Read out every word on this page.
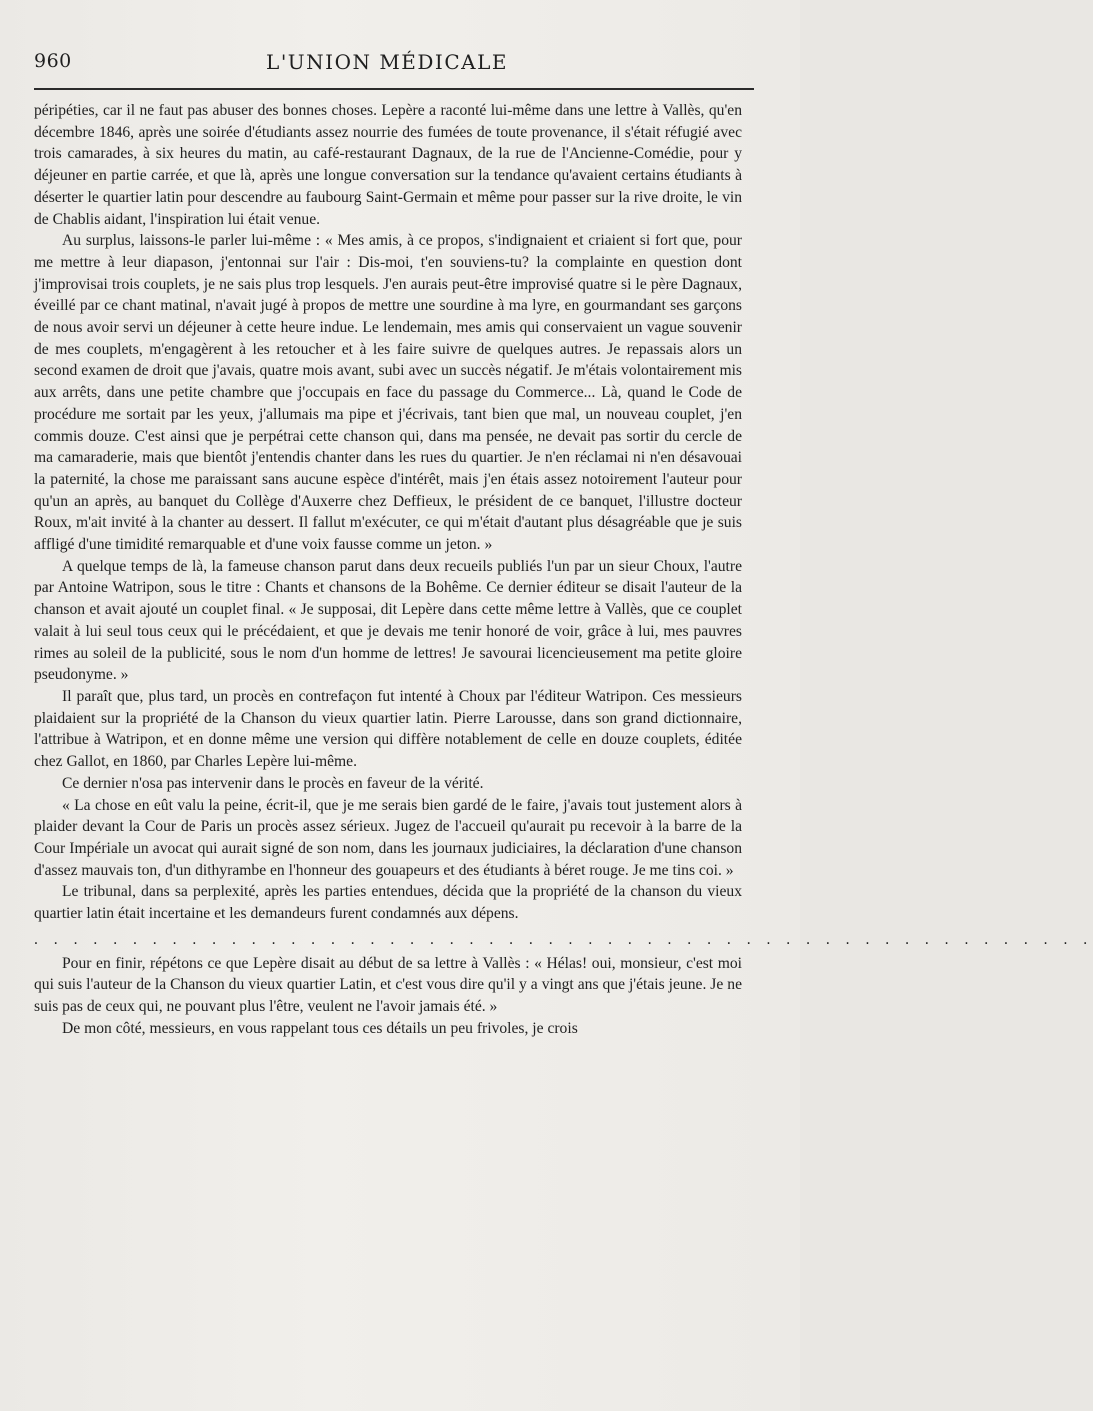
960	L'UNION MÉDICALE

péripéties, car il ne faut pas abuser des bonnes choses. Lepère a raconté lui-même dans une lettre à Vallès, qu'en décembre 1846, après une soirée d'étudiants assez nourrie des fumées de toute provenance, il s'était réfugié avec trois camarades, à six heures du matin, au café-restaurant Dagnaux, de la rue de l'Ancienne-Comédie, pour y déjeuner en partie carrée, et que là, après une longue conversation sur la tendance qu'avaient certains étudiants à déserter le quartier latin pour descendre au faubourg Saint-Germain et même pour passer sur la rive droite, le vin de Chablis aidant, l'inspiration lui était venue.

Au surplus, laissons-le parler lui-même : « Mes amis, à ce propos, s'indignaient et criaient si fort que, pour me mettre à leur diapason, j'entonnai sur l'air : Dis-moi, t'en souviens-tu? la complainte en question dont j'improvisai trois couplets, je ne sais plus trop lesquels. J'en aurais peut-être improvisé quatre si le père Dagnaux, éveillé par ce chant matinal, n'avait jugé à propos de mettre une sourdine à ma lyre, en gourmandant ses garçons de nous avoir servi un déjeuner à cette heure indue. Le lendemain, mes amis qui conservaient un vague souvenir de mes couplets, m'engagèrent à les retoucher et à les faire suivre de quelques autres. Je repassais alors un second examen de droit que j'avais, quatre mois avant, subi avec un succès négatif. Je m'étais volontairement mis aux arrêts, dans une petite chambre que j'occupais en face du passage du Commerce... Là, quand le Code de procédure me sortait par les yeux, j'allumais ma pipe et j'écrivais, tant bien que mal, un nouveau couplet, j'en commis douze. C'est ainsi que je perpétrai cette chanson qui, dans ma pensée, ne devait pas sortir du cercle de ma camaraderie, mais que bientôt j'entendis chanter dans les rues du quartier. Je n'en réclamai ni n'en désavouai la paternité, la chose me paraissant sans aucune espèce d'intérêt, mais j'en étais assez notoirement l'auteur pour qu'un an après, au banquet du Collège d'Auxerre chez Deffieux, le président de ce banquet, l'illustre docteur Roux, m'ait invité à la chanter au dessert. Il fallut m'exécuter, ce qui m'était d'autant plus désagréable que je suis affligé d'une timidité remarquable et d'une voix fausse comme un jeton. »

A quelque temps de là, la fameuse chanson parut dans deux recueils publiés l'un par un sieur Choux, l'autre par Antoine Watripon, sous le titre : Chants et chansons de la Bohême. Ce dernier éditeur se disait l'auteur de la chanson et avait ajouté un couplet final. « Je supposai, dit Lepère dans cette même lettre à Vallès, que ce couplet valait à lui seul tous ceux qui le précédaient, et que je devais me tenir honoré de voir, grâce à lui, mes pauvres rimes au soleil de la publicité, sous le nom d'un homme de lettres! Je savourai licencieusement ma petite gloire pseudonyme. »

Il paraît que, plus tard, un procès en contrefaçon fut intenté à Choux par l'éditeur Watripon. Ces messieurs plaidaient sur la propriété de la Chanson du vieux quartier latin. Pierre Larousse, dans son grand dictionnaire, l'attribue à Watripon, et en donne même une version qui diffère notablement de celle en douze couplets, éditée chez Gallot, en 1860, par Charles Lepère lui-même.

Ce dernier n'osa pas intervenir dans le procès en faveur de la vérité.

« La chose en eût valu la peine, écrit-il, que je me serais bien gardé de le faire, j'avais tout justement alors à plaider devant la Cour de Paris un procès assez sérieux. Jugez de l'accueil qu'aurait pu recevoir à la barre de la Cour Impériale un avocat qui aurait signé de son nom, dans les journaux judiciaires, la déclaration d'une chanson d'assez mauvais ton, d'un dithyrambe en l'honneur des gouapeurs et des étudiants à béret rouge. Je me tins coi. »

Le tribunal, dans sa perplexité, après les parties entendues, décida que la propriété de la chanson du vieux quartier latin était incertaine et les demandeurs furent condamnés aux dépens.

. . . . . . . . . . . . . . . . . . . . . . . . . . . . . . . . . . . . . . . . . . . . . . . . . . . . . .

Pour en finir, répétons ce que Lepère disait au début de sa lettre à Vallès : « Hélas! oui, monsieur, c'est moi qui suis l'auteur de la Chanson du vieux quartier Latin, et c'est vous dire qu'il y a vingt ans que j'étais jeune. Je ne suis pas de ceux qui, ne pouvant plus l'être, veulent ne l'avoir jamais été. »

De mon côté, messieurs, en vous rappelant tous ces détails un peu frivoles, je crois
